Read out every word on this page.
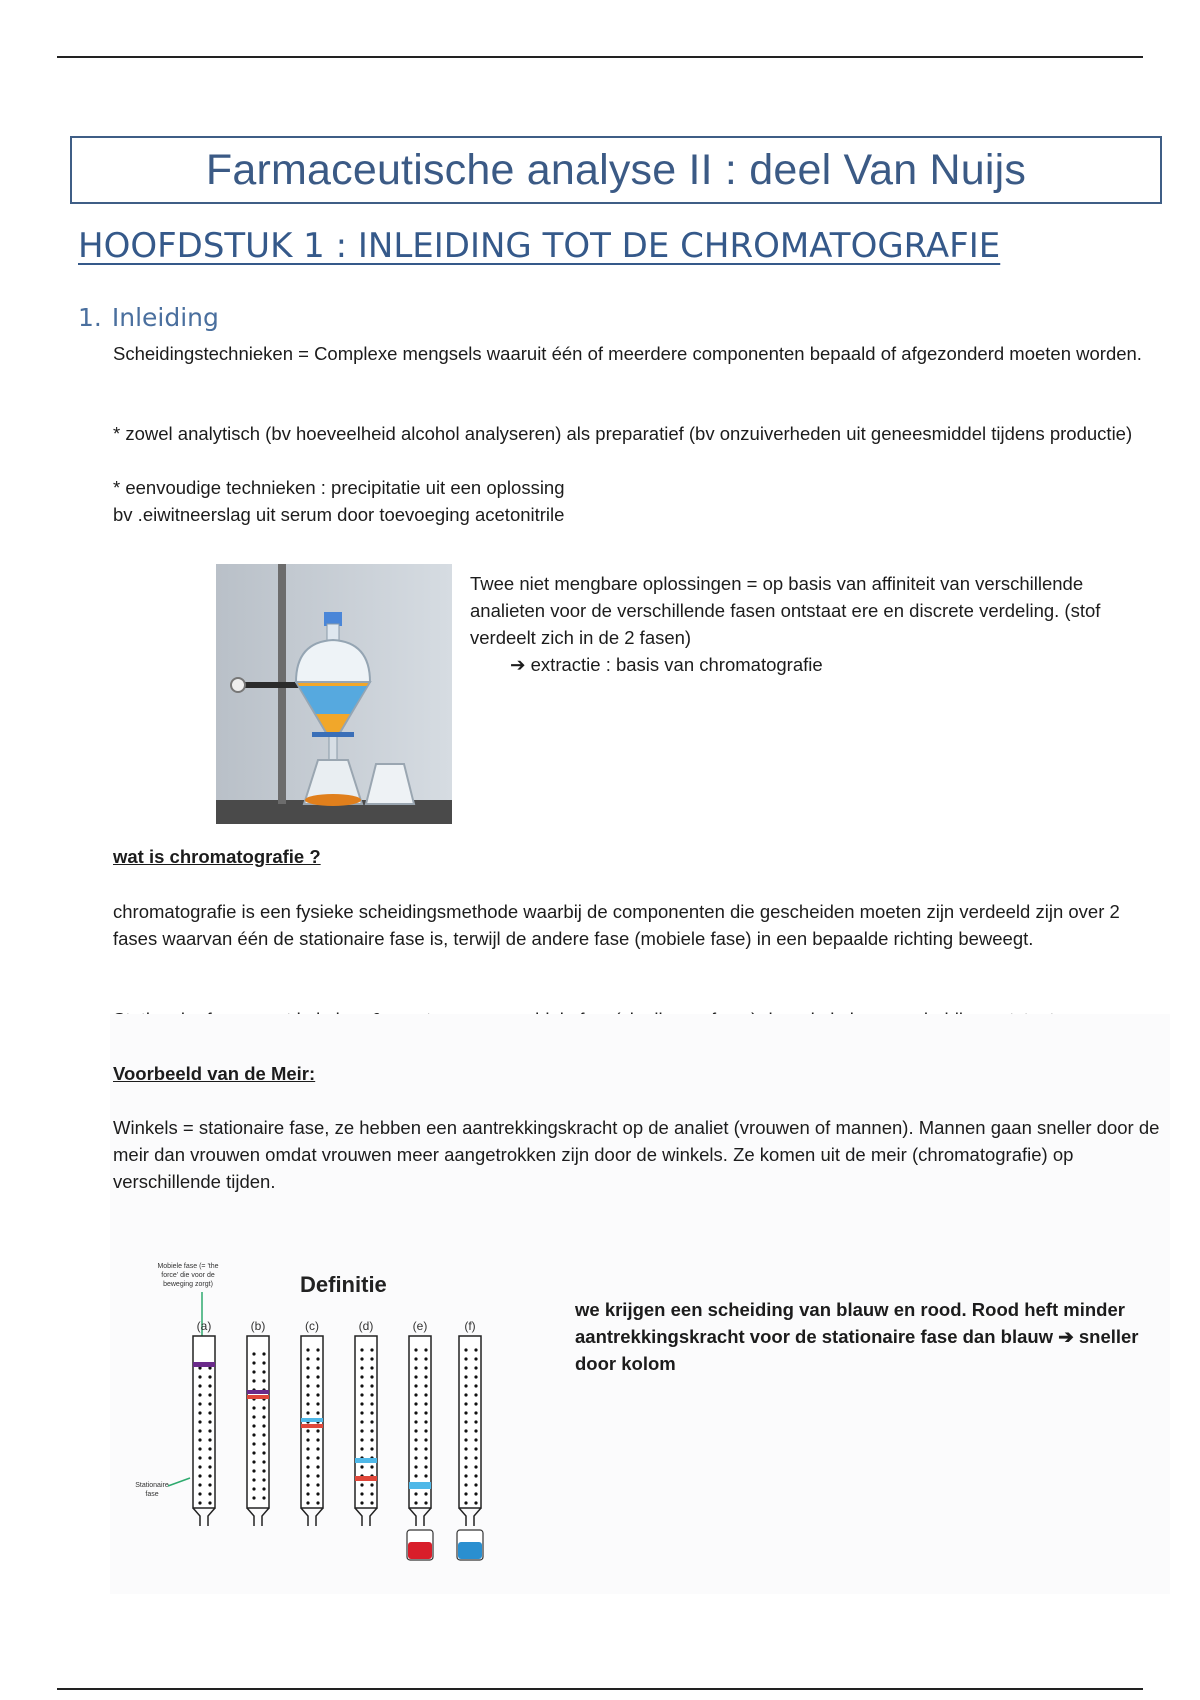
Farmaceutische analyse II : deel Van Nuijs
HOOFDSTUK 1 : INLEIDING TOT DE CHROMATOGRAFIE
1. Inleiding
Scheidingstechnieken = Complexe mengsels waaruit één of meerdere componenten bepaald of afgezonderd moeten worden.
* zowel analytisch (bv hoeveelheid alcohol analyseren) als preparatief (bv onzuiverheden uit geneesmiddel tijdens productie)
* eenvoudige technieken : precipitatie uit een oplossing
bv .eiwitneerslag uit serum door toevoeging acetonitrile
Twee niet mengbare oplossingen = op basis van affiniteit van verschillende analieten voor de verschillende fasen ontstaat ere en discrete verdeling. (stof verdeelt zich in de 2 fasen)
➔ extractie : basis van chromatografie
wat is chromatografie ?
chromatografie is een fysieke scheidingsmethode waarbij de componenten die gescheiden moeten zijn verdeeld zijn over 2 fases waarvan één de stationaire fase is, terwijl de andere fase (mobiele fase) in een bepaalde richting beweegt.
Voorbeeld van de Meir:
Winkels = stationaire fase, ze hebben een aantrekkingskracht op de analiet (vrouwen of mannen). Mannen gaan sneller door de meir dan vrouwen omdat vrouwen meer aangetrokken zijn door de winkels. Ze komen uit de meir (chromatografie) op verschillende tijden.
Definitie
Mobiele fase (= 'the
force' die voor de
beweging zorgt)
Stationaire
fase
(a)	(b)	(c)	(d)	(e)	(f)
we krijgen een scheiding van blauw en rood. Rood heft minder aantrekkingskracht voor de stationaire fase dan blauw ➔ sneller door kolom
